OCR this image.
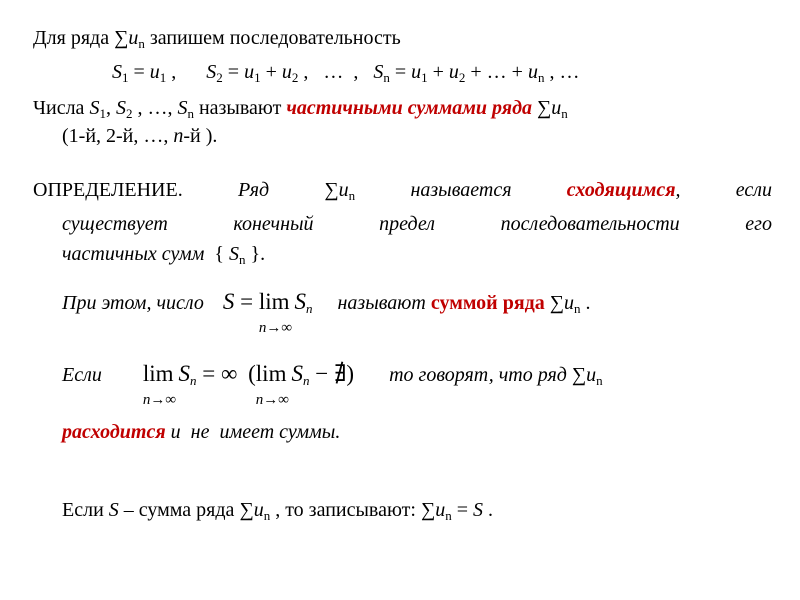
Для ряда $\sum u_n$ запишем последовательность
$S_1 = u_1$ ,      $S_2 = u_1 + u_2$ ,   …  ,   $S_n = u_1 + u_2$ + … + $u_n$ , …
Числа $S_1$, $S_2$ , …, $S_n$ называют частичными суммами ряда $\sum u_n$
(1-й, 2-й, …, n-й ).
ОПРЕДЕЛЕНИЕ. Ряд $\sum u_n$ называется сходящимся, если
существует конечный предел последовательности его
частичных сумм  { $S_n$ }.
При этом, число S = lim
n→∞
$S_n$ называют суммой ряда $\sum u_n$ .
Если lim
n→∞
$S_n$ = ∞  (lim
n→∞
$S_n$ − ∄) то говорят, что ряд $\sum u_n$
расходится и  не  имеет суммы.
Если S – сумма ряда $\sum u_n$ , то записывают: $\sum u_n = S$ .
